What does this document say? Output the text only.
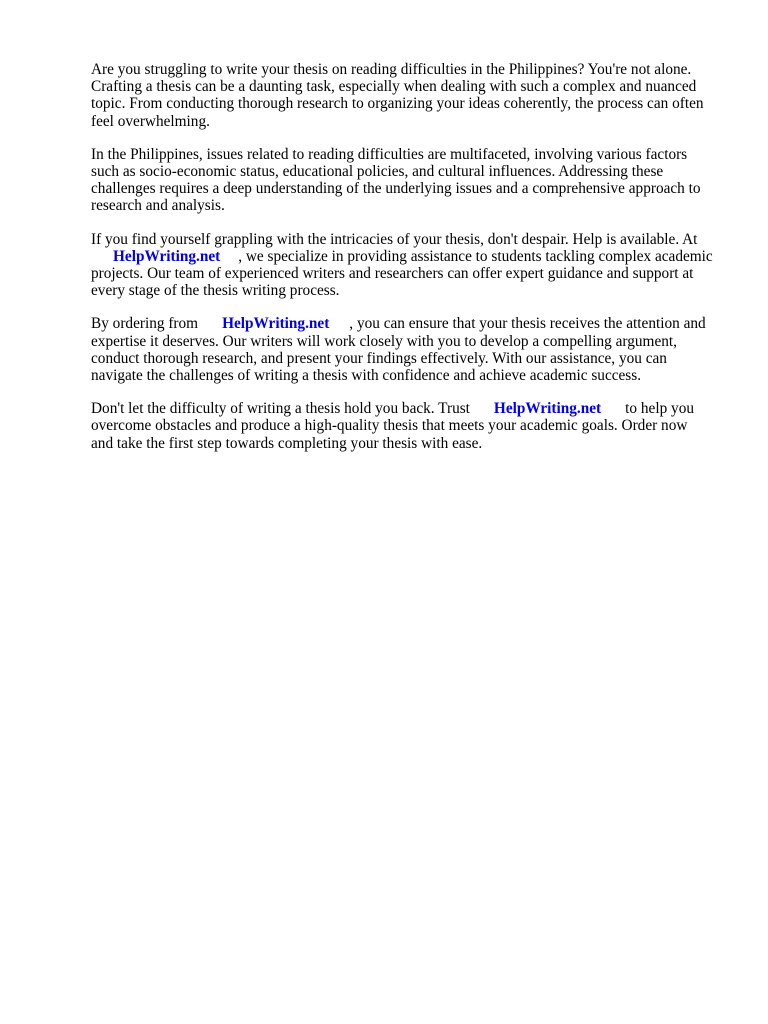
Are you struggling to write your thesis on reading difficulties in the Philippines? You're not alone.
Crafting a thesis can be a daunting task, especially when dealing with such a complex and nuanced
topic. From conducting thorough research to organizing your ideas coherently, the process can often
feel overwhelming.

In the Philippines, issues related to reading difficulties are multifaceted, involving various factors
such as socio-economic status, educational policies, and cultural influences. Addressing these
challenges requires a deep understanding of the underlying issues and a comprehensive approach to
research and analysis.

If you find yourself grappling with the intricacies of your thesis, don't despair. Help is available. At
HelpWriting.net , we specialize in providing assistance to students tackling complex academic
projects. Our team of experienced writers and researchers can offer expert guidance and support at
every stage of the thesis writing process.

By ordering from HelpWriting.net , you can ensure that your thesis receives the attention and
expertise it deserves. Our writers will work closely with you to develop a compelling argument,
conduct thorough research, and present your findings effectively. With our assistance, you can
navigate the challenges of writing a thesis with confidence and achieve academic success.

Don't let the difficulty of writing a thesis hold you back. Trust HelpWriting.net to help you
overcome obstacles and produce a high-quality thesis that meets your academic goals. Order now
and take the first step towards completing your thesis with ease.
